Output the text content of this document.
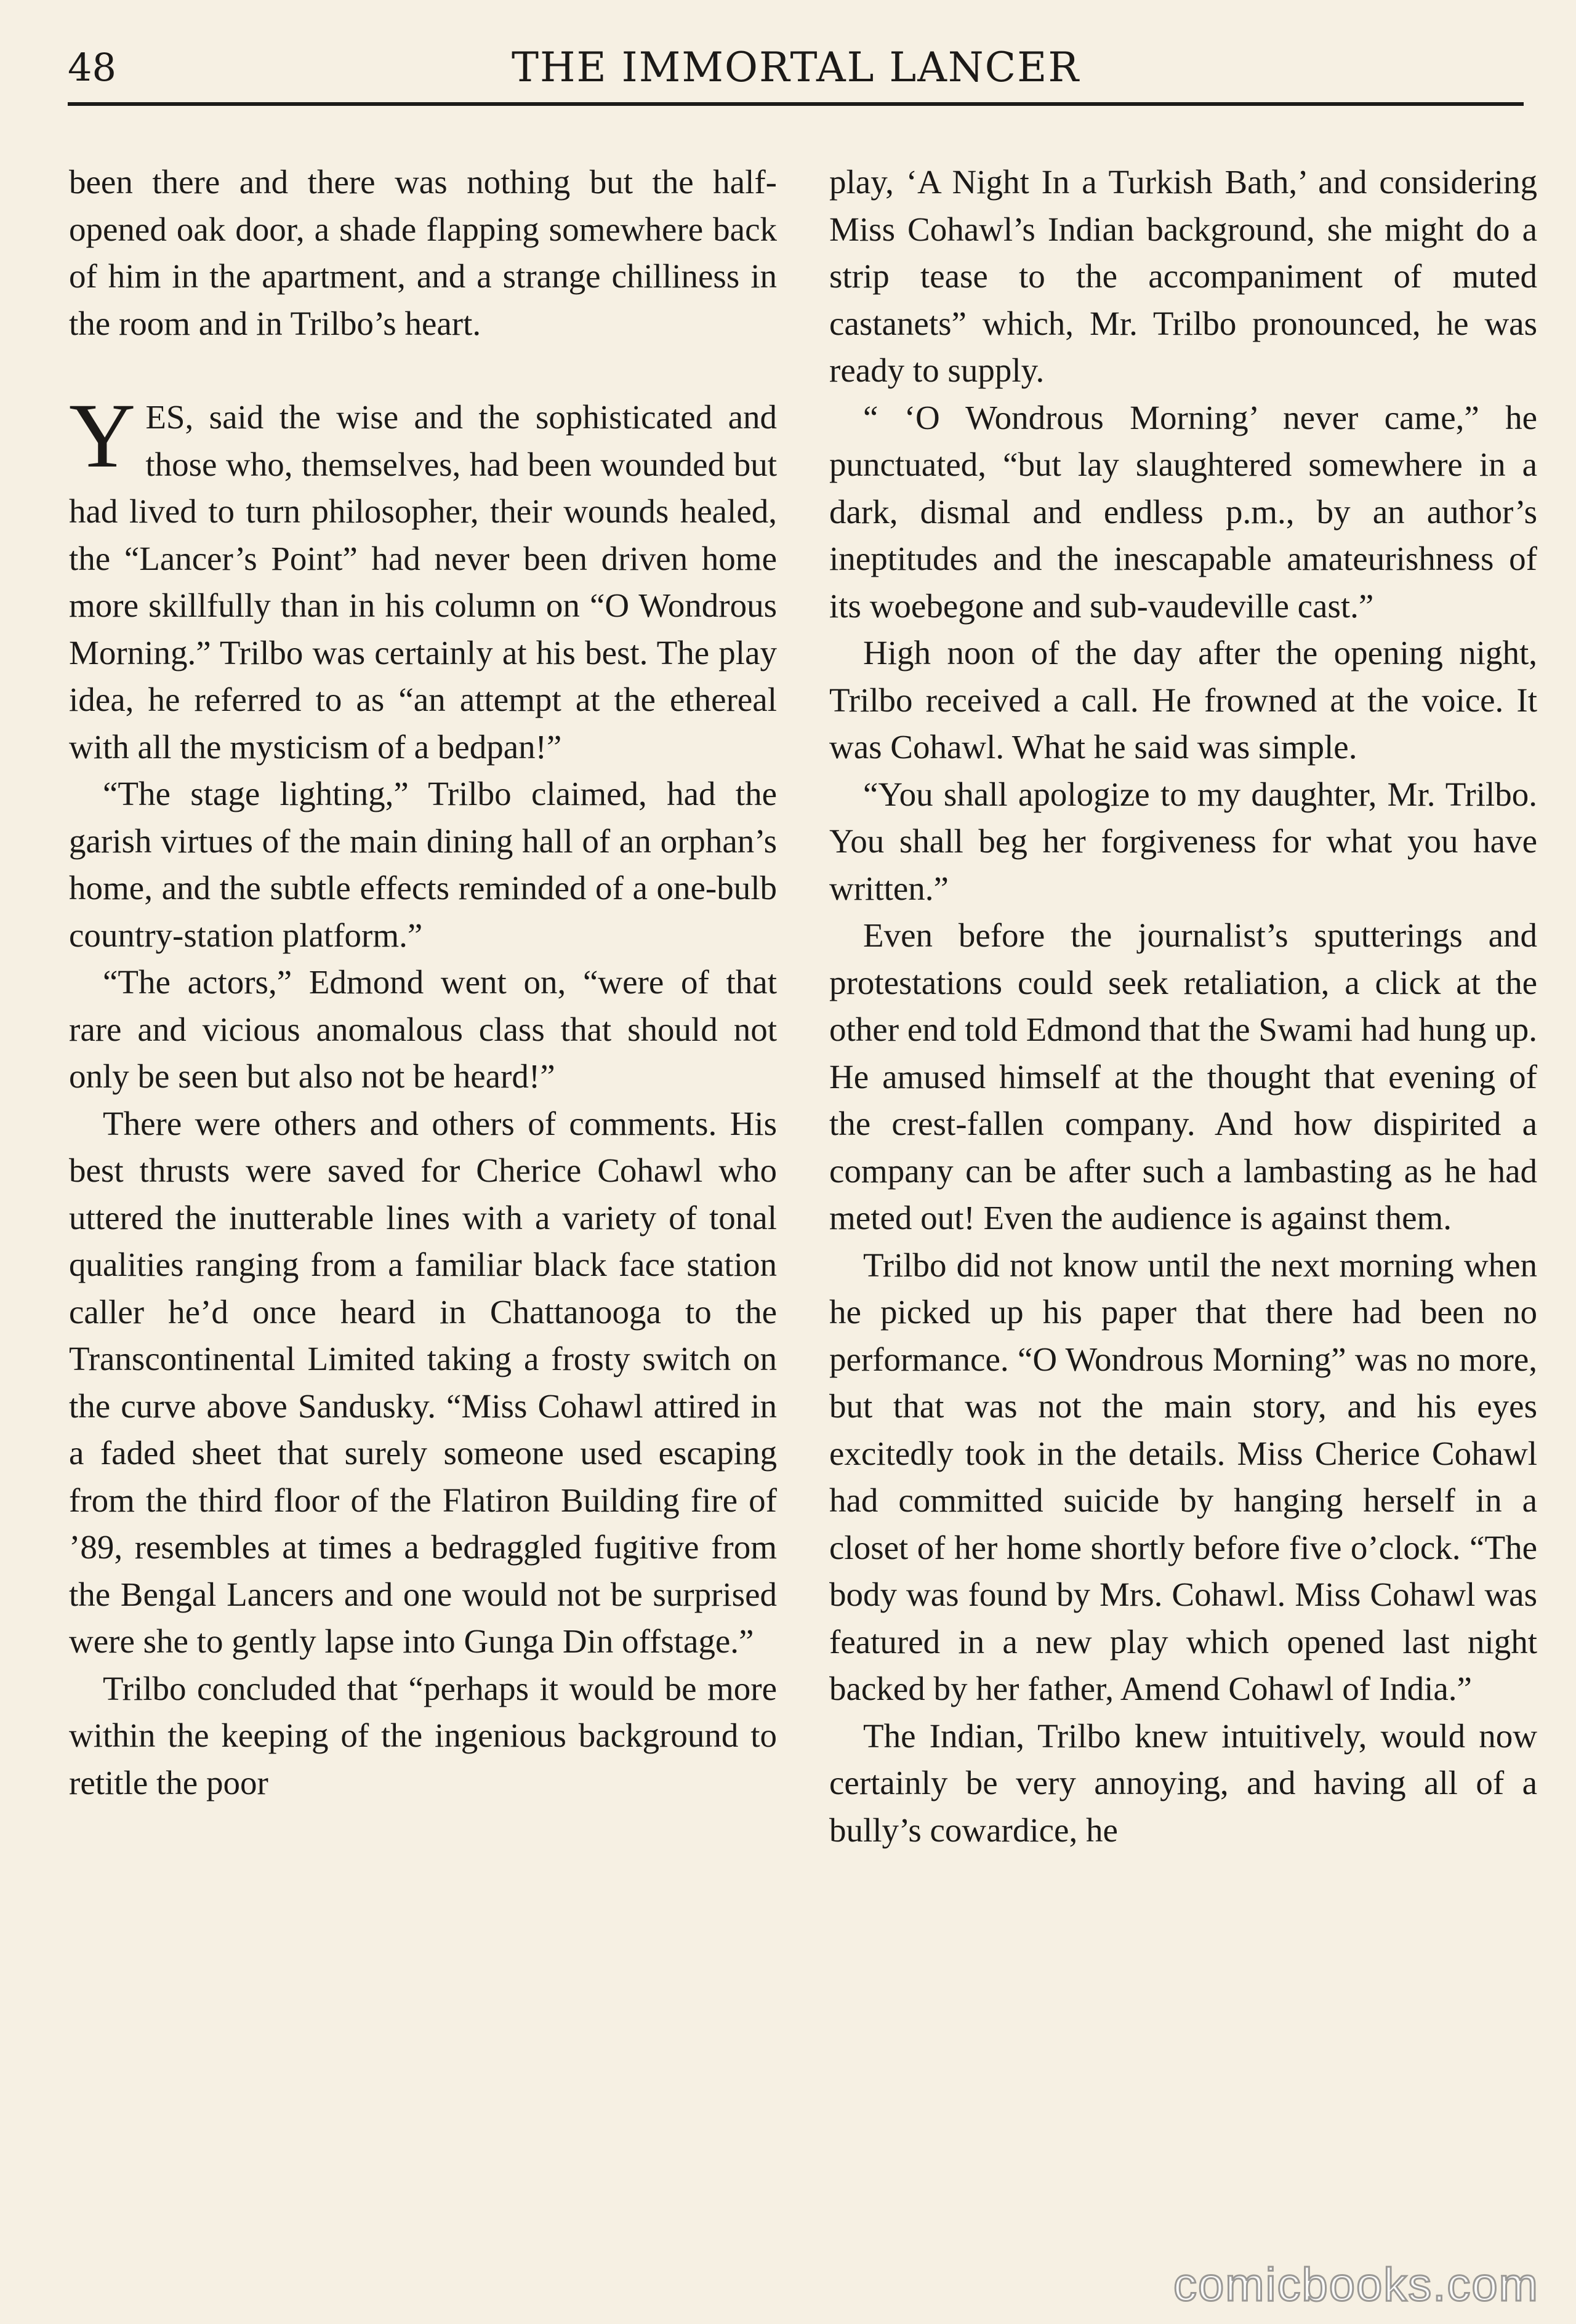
48	THE IMMORTAL LANCER

been there and there was nothing but the half-opened oak door, a shade flapping somewhere back of him in the apartment, and a strange chilliness in the room and in Trilbo’s heart.

YES, said the wise and the sophisticated and those who, themselves, had been wounded but had lived to turn philosopher, their wounds healed, the “Lancer’s Point” had never been driven home more skillfully than in his column on “O Wondrous Morning.” Trilbo was certainly at his best. The play idea, he referred to as “an attempt at the ethereal with all the mysticism of a bedpan!”

“The stage lighting,” Trilbo claimed, had the garish virtues of the main dining hall of an orphan’s home, and the subtle effects reminded of a one-bulb country-station platform.”

“The actors,” Edmond went on, “were of that rare and vicious anomalous class that should not only be seen but also not be heard!”

There were others and others of comments. His best thrusts were saved for Cherice Cohawl who uttered the inutterable lines with a variety of tonal qualities ranging from a familiar black face station caller he’d once heard in Chattanooga to the Transcontinental Limited taking a frosty switch on the curve above Sandusky. “Miss Cohawl attired in a faded sheet that surely someone used escaping from the third floor of the Flatiron Building fire of ’89, resembles at times a bedraggled fugitive from the Bengal Lancers and one would not be surprised were she to gently lapse into Gunga Din offstage.”

Trilbo concluded that “perhaps it would be more within the keeping of the ingenious background to retitle the poor

play, ‘A Night In a Turkish Bath,’ and considering Miss Cohawl’s Indian background, she might do a strip tease to the accompaniment of muted castanets” which, Mr. Trilbo pronounced, he was ready to supply.

“ ‘O Wondrous Morning’ never came,” he punctuated, “but lay slaughtered somewhere in a dark, dismal and endless p.m., by an author’s ineptitudes and the inescapable amateurishness of its woebegone and sub-vaudeville cast.”

High noon of the day after the opening night, Trilbo received a call. He frowned at the voice. It was Cohawl. What he said was simple.

“You shall apologize to my daughter, Mr. Trilbo. You shall beg her forgiveness for what you have written.”

Even before the journalist’s sputterings and protestations could seek retaliation, a click at the other end told Edmond that the Swami had hung up. He amused himself at the thought that evening of the crest-fallen company. And how dispirited a company can be after such a lambasting as he had meted out! Even the audience is against them.

Trilbo did not know until the next morning when he picked up his paper that there had been no performance. “O Wondrous Morning” was no more, but that was not the main story, and his eyes excitedly took in the details. Miss Cherice Cohawl had committed suicide by hanging herself in a closet of her home shortly before five o’clock. “The body was found by Mrs. Cohawl. Miss Cohawl was featured in a new play which opened last night backed by her father, Amend Cohawl of India.”

The Indian, Trilbo knew intuitively, would now certainly be very annoying, and having all of a bully’s cowardice, he

comicbooks.com
